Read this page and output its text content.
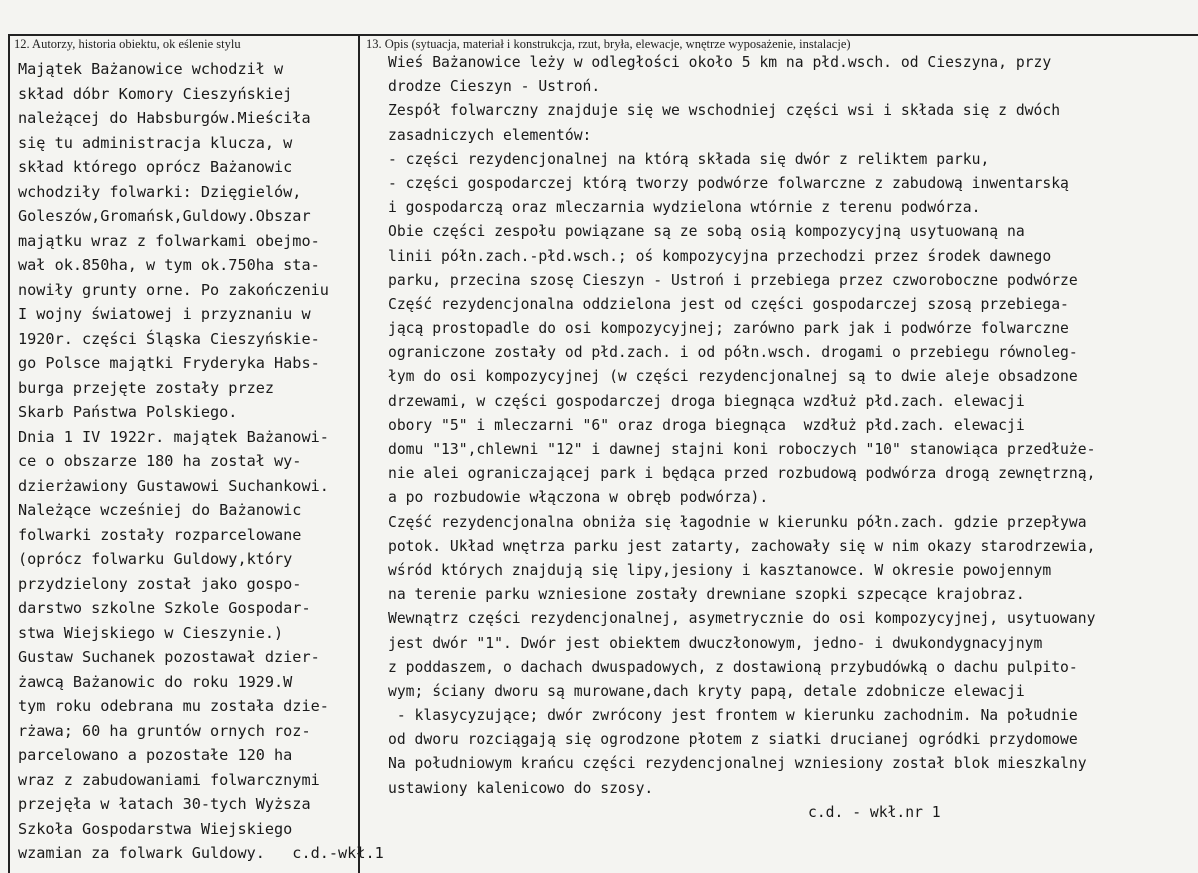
12. Autorzy, historia obiektu, ok eślenie stylu	13. Opis (sytuacja, materiał i konstrukcja, rzut, bryła, elewacje, wnętrze wyposażenie, instalacje)
Majątek Bażanowice wchodził w
skład dóbr Komory Cieszyńskiej
należącej do Habsburgów.Mieściła
się tu administracja klucza, w
skład którego oprócz Bażanowic
wchodziły folwarki: Dzięgielów,
Goleszów,Gromańsk,Guldowy.Obszar
majątku wraz z folwarkami obejmo-
wał ok.850ha, w tym ok.750ha sta-
nowiły grunty orne. Po zakończeniu
I wojny światowej i przyznaniu w
1920r. części Śląska Cieszyńskie-
go Polsce majątki Fryderyka Habs-
burga przejęte zostały przez
Skarb Państwa Polskiego.
Dnia 1 IV 1922r. majątek Bażanowi-
ce o obszarze 180 ha został wy-
dzierżawiony Gustawowi Suchankowi.
Należące wcześniej do Bażanowic
folwarki zostały rozparcelowane
(oprócz folwarku Guldowy,który
przydzielony został jako gospo-
darstwo szkolne Szkole Gospodar-
stwa Wiejskiego w Cieszynie.)
Gustaw Suchanek pozostawał dzier-
żawcą Bażanowic do roku 1929.W
tym roku odebrana mu została dzie-
rżawa; 60 ha gruntów ornych roz-
parcelowano a pozostałe 120 ha
wraz z zabudowaniami folwarcznymi
przejęła w łatach 30-tych Wyższa
Szkoła Gospodarstwa Wiejskiego
wzamian za folwark Guldowy.   c.d.-wkł.1
Wieś Bażanowice leży w odległości około 5 km na płd.wsch. od Cieszyna, przy
drodze Cieszyn - Ustroń.
Zespół folwarczny znajduje się we wschodniej części wsi i składa się z dwóch
zasadniczych elementów:
- części rezydencjonalnej na którą składa się dwór z reliktem parku,
- części gospodarczej którą tworzy podwórze folwarczne z zabudową inwentarską
i gospodarczą oraz mleczarnia wydzielona wtórnie z terenu podwórza.
Obie części zespołu powiązane są ze sobą osią kompozycyjną usytuowaną na
linii półn.zach.-płd.wsch.; oś kompozycyjna przechodzi przez środek dawnego
parku, przecina szosę Cieszyn - Ustroń i przebiega przez czworoboczne podwórze
Część rezydencjonalna oddzielona jest od części gospodarczej szosą przebiega-
jącą prostopadle do osi kompozycyjnej; zarówno park jak i podwórze folwarczne
ograniczone zostały od płd.zach. i od półn.wsch. drogami o przebiegu równoleg-
łym do osi kompozycyjnej (w części rezydencjonalnej są to dwie aleje obsadzone
drzewami, w części gospodarczej droga biegnąca wzdłuż płd.zach. elewacji
obory "5" i mleczarni "6" oraz droga biegnąca  wzdłuż płd.zach. elewacji
domu "13",chlewni "12" i dawnej stajni koni roboczych "10" stanowiąca przedłuże-
nie alei ograniczającej park i będąca przed rozbudową podwórza drogą zewnętrzną,
a po rozbudowie włączona w obręb podwórza).
Część rezydencjonalna obniża się łagodnie w kierunku półn.zach. gdzie przepływa
potok. Układ wnętrza parku jest zatarty, zachowały się w nim okazy starodrzewia,
wśród których znajdują się lipy,jesiony i kasztanowce. W okresie powojennym
na terenie parku wzniesione zostały drewniane szopki szpecące krajobraz.
Wewnątrz części rezydencjonalnej, asymetrycznie do osi kompozycyjnej, usytuowany
jest dwór "1". Dwór jest obiektem dwuczłonowym, jedno- i dwukondygnacyjnym
z poddaszem, o dachach dwuspadowych, z dostawioną przybudówką o dachu pulpito-
wym; ściany dworu są murowane,dach kryty papą, detale zdobnicze elewacji
- klasycyzujące; dwór zwrócony jest frontem w kierunku zachodnim. Na południe
od dworu rozciągają się ogrodzone płotem z siatki drucianej ogródki przydomowe
Na południowym krańcu części rezydencjonalnej wzniesiony został blok mieszkalny
ustawiony kalenicowo do szosy.
c.d. - wkł.nr 1
